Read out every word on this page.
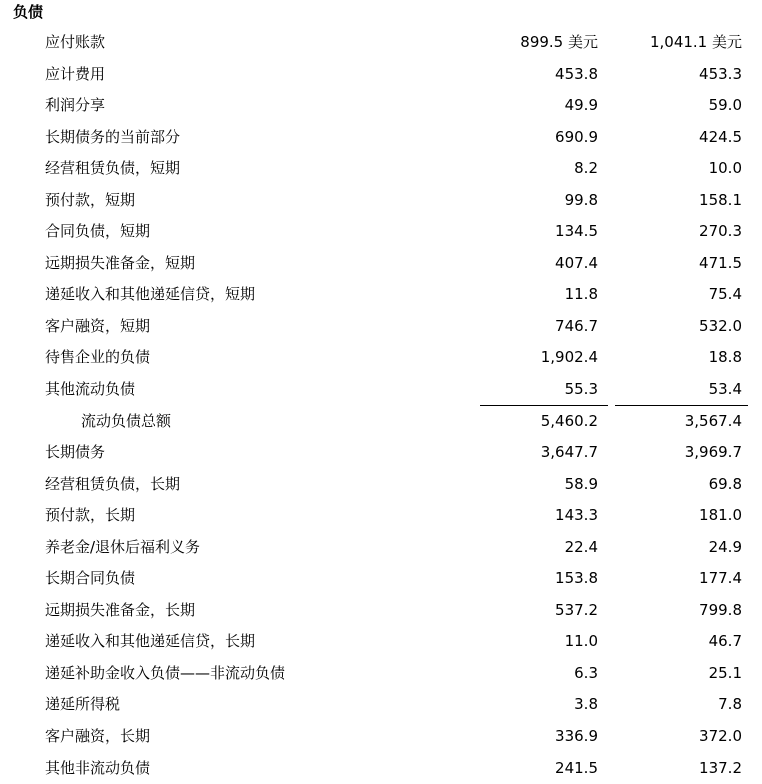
负债
应付账款	899.5 美元	1,041.1 美元
应计费用	453.8	453.3
利润分享	49.9	59.0
长期债务的当前部分	690.9	424.5
经营租赁负债，短期	8.2	10.0
预付款，短期	99.8	158.1
合同负债，短期	134.5	270.3
远期损失准备金，短期	407.4	471.5
递延收入和其他递延信贷，短期	11.8	75.4
客户融资，短期	746.7	532.0
待售企业的负债	1,902.4	18.8
其他流动负债	55.3	53.4
流动负债总额	5,460.2	3,567.4
长期债务	3,647.7	3,969.7
经营租赁负债，长期	58.9	69.8
预付款，长期	143.3	181.0
养老金/退休后福利义务	22.4	24.9
长期合同负债	153.8	177.4
远期损失准备金，长期	537.2	799.8
递延收入和其他递延信贷，长期	11.0	46.7
递延补助金收入负债——非流动负债	6.3	25.1
递延所得税	3.8	7.8
客户融资，长期	336.9	372.0
其他非流动负债	241.5	137.2
